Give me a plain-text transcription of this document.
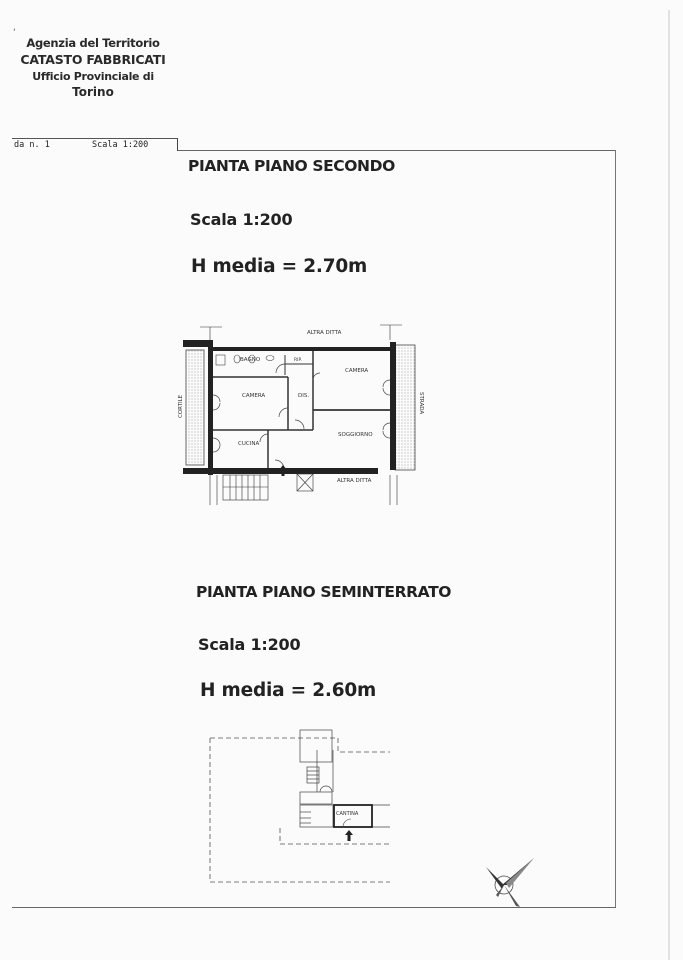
‘
Agenzia del Territorio
CATASTO FABBRICATI
Ufficio Provinciale di
Torino
da n. 1	Scala 1:200
PIANTA PIANO SECONDO
Scala 1:200
H media = 2.70m
ALTRA DITTA
ALTRA DITTA
BAGNO	RIP.
CAMERA
CAMERA	DIS.
CUCINA
SOGGIORNO
CORTILE	STRADA
PIANTA PIANO SEMINTERRATO
Scala 1:200
H media = 2.60m
CANTINA
